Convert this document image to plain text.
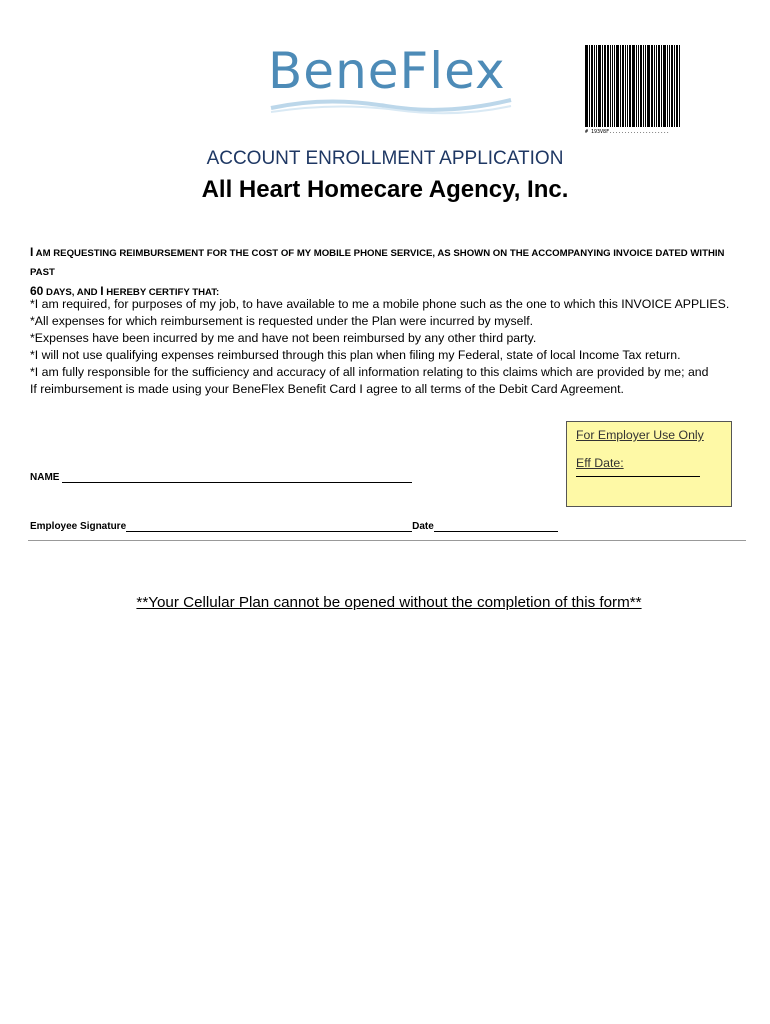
BeneFlex
# 193V8F....................
ACCOUNT ENROLLMENT APPLICATION
All Heart Homecare Agency, Inc.
I AM REQUESTING REIMBURSEMENT FOR THE COST OF MY MOBILE PHONE SERVICE, AS SHOWN ON THE ACCOMPANYING INVOICE DATED WITHIN PAST
60 DAYS, AND I HEREBY CERTIFY THAT:
*I am required, for purposes of my job, to have available to me a mobile phone such as the one to which this INVOICE APPLIES.
*All expenses for which reimbursement is requested under the Plan were incurred by myself.
*Expenses have been incurred by me and have not been reimbursed by any other third party.
*I will not use qualifying expenses reimbursed through this plan when filing my Federal, state of local Income Tax return.
*I am fully responsible for the sufficiency and accuracy of all information relating to this claims which are provided by me; and
If reimbursement is made using your BeneFlex Benefit Card I agree to all terms of the Debit Card Agreement.
For Employer Use Only
Eff Date:
NAME
Employee Signature	Date
**Your Cellular Plan cannot be opened without the completion of this form**
